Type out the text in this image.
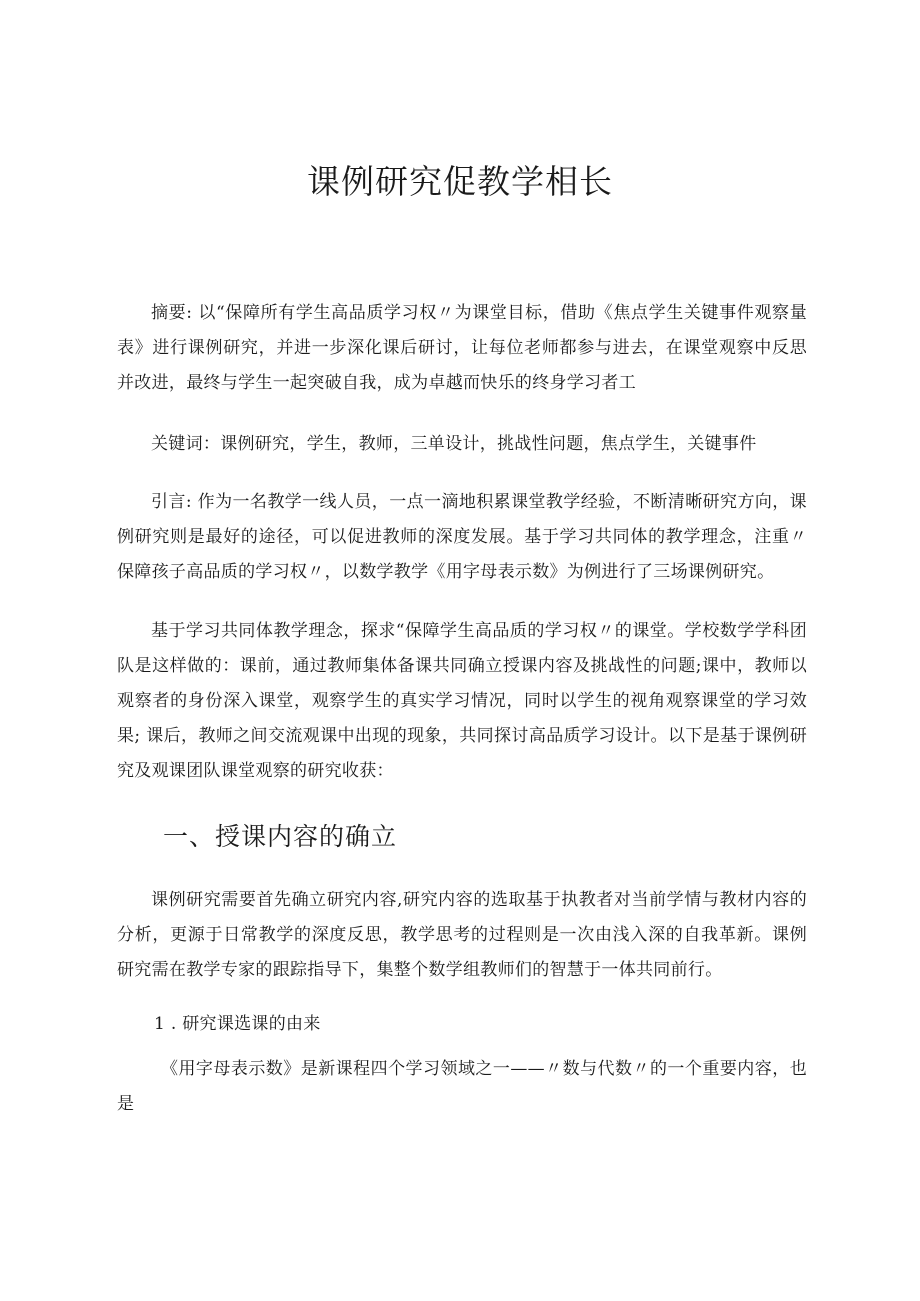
课例研究促教学相长

摘要: 以“保障所有学生高品质学习权〃为课堂目标，借助《焦点学生关键事件观察量表》进行课例研究，并进一步深化课后研讨，让每位老师都参与进去，在课堂观察中反思并改进，最终与学生一起突破自我，成为卓越而快乐的终身学习者工

关键词：课例研究，学生，教师，三单设计，挑战性问题，焦点学生，关键事件

引言: 作为一名教学一线人员，一点一滴地积累课堂教学经验，不断清晰研究方向，课例研究则是最好的途径，可以促进教师的深度发展。基于学习共同体的教学理念，注重〃保障孩子高品质的学习权〃，以数学教学《用字母表示数》为例进行了三场课例研究。

基于学习共同体教学理念，探求“保障学生高品质的学习权〃的课堂。学校数学学科团队是这样做的：课前，通过教师集体备课共同确立授课内容及挑战性的问题;课中，教师以观察者的身份深入课堂，观察学生的真实学习情况，同时以学生的视角观察课堂的学习效果; 课后，教师之间交流观课中出现的现象，共同探讨高品质学习设计。以下是基于课例研究及观课团队课堂观察的研究收获：

一、授课内容的确立

课例研究需要首先确立研究内容,研究内容的选取基于执教者对当前学情与教材内容的分析，更源于日常教学的深度反思，教学思考的过程则是一次由浅入深的自我革新。课例研究需在教学专家的跟踪指导下，集整个数学组教师们的智慧于一体共同前行。

1 . 研究课选课的由来

《用字母表示数》是新课程四个学习领域之一——〃数与代数〃的一个重要内容，也是
